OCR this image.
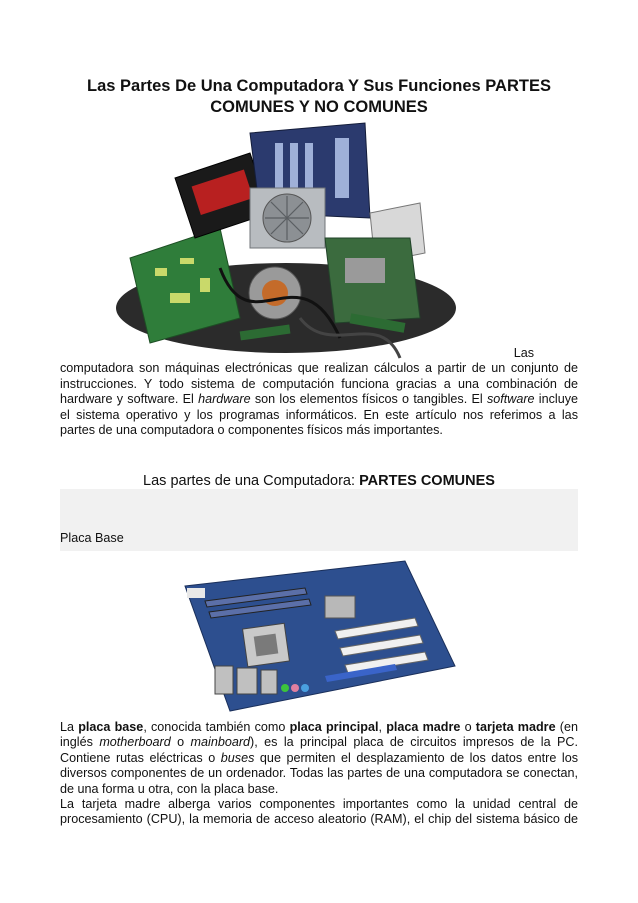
Las Partes De Una Computadora Y Sus Funciones PARTES COMUNES Y NO COMUNES
Las
computadora son máquinas electrónicas que realizan cálculos a partir de un conjunto de
instrucciones. Y todo sistema de computación funciona gracias a una combinación de
hardware y software. El hardware son los elementos físicos o tangibles. El software incluye
el sistema operativo y los programas informáticos. En este artículo nos referimos a las
partes de una computadora o componentes físicos más importantes.
Las partes de una Computadora: PARTES COMUNES
Placa Base
La placa base, conocida también como placa principal, placa madre o tarjeta madre (en
inglés motherboard o mainboard), es la principal placa de circuitos impresos de la PC.
Contiene rutas eléctricas o buses que permiten el desplazamiento de los datos entre los
diversos componentes de un ordenador. Todas las partes de una computadora se conectan,
de una forma u otra, con la placa base.
La tarjeta madre alberga varios componentes importantes como la unidad central de
procesamiento (CPU), la memoria de acceso aleatorio (RAM), el chip del sistema básico de
